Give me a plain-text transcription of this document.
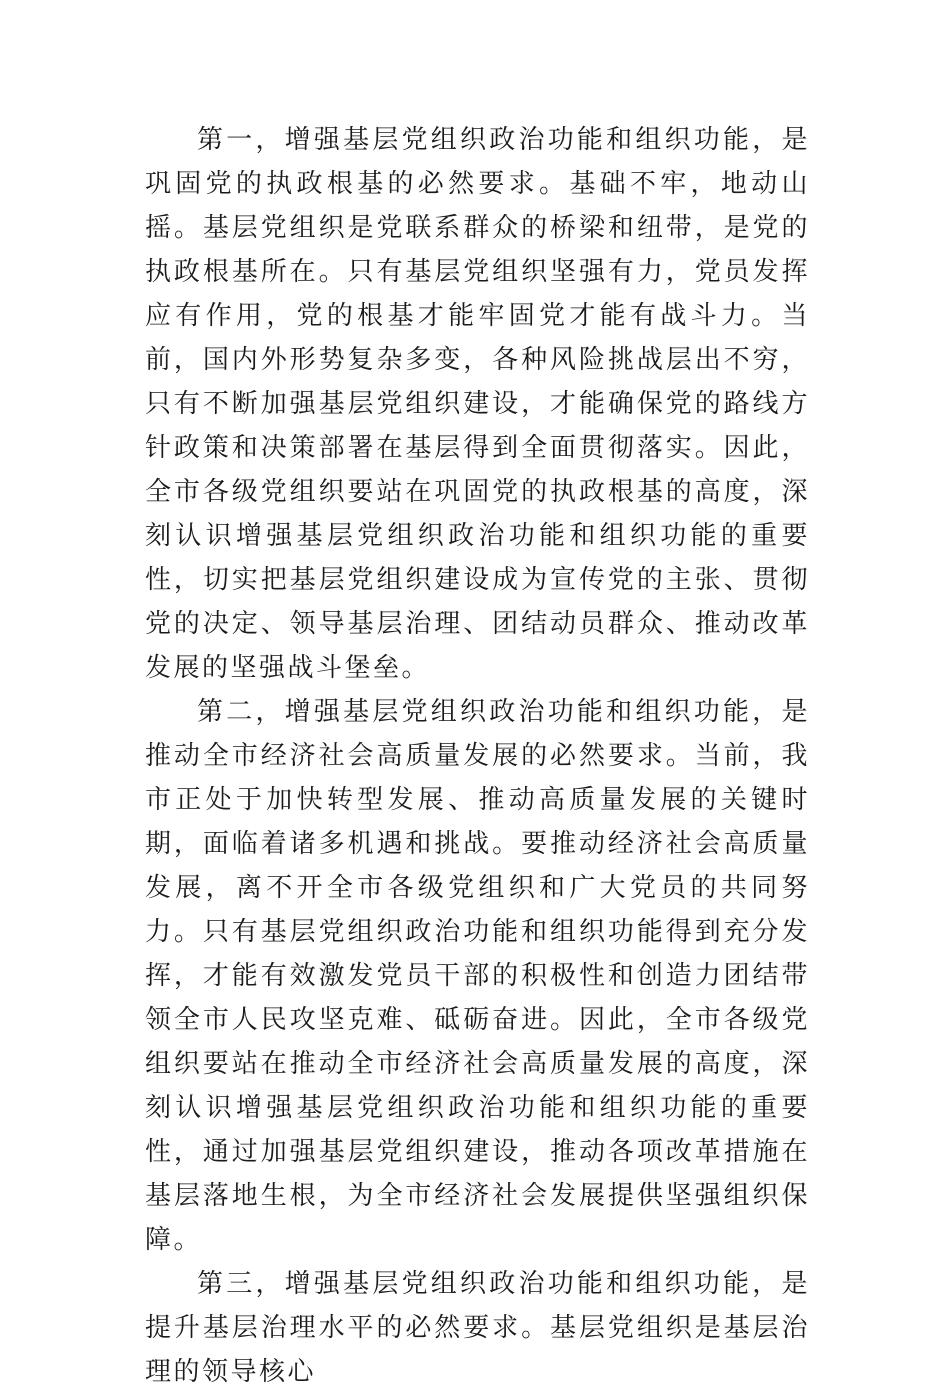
第一，增强基层党组织政治功能和组织功能，是巩固党的执政根基的必然要求。基础不牢，地动山摇。基层党组织是党联系群众的桥梁和纽带，是党的执政根基所在。只有基层党组织坚强有力，党员发挥应有作用，党的根基才能牢固党才能有战斗力。当前，国内外形势复杂多变，各种风险挑战层出不穷，只有不断加强基层党组织建设，才能确保党的路线方针政策和决策部署在基层得到全面贯彻落实。因此，全市各级党组织要站在巩固党的执政根基的高度，深刻认识增强基层党组织政治功能和组织功能的重要性，切实把基层党组织建设成为宣传党的主张、贯彻党的决定、领导基层治理、团结动员群众、推动改革发展的坚强战斗堡垒。

第二，增强基层党组织政治功能和组织功能，是推动全市经济社会高质量发展的必然要求。当前，我市正处于加快转型发展、推动高质量发展的关键时期，面临着诸多机遇和挑战。要推动经济社会高质量发展，离不开全市各级党组织和广大党员的共同努力。只有基层党组织政治功能和组织功能得到充分发挥，才能有效激发党员干部的积极性和创造力团结带领全市人民攻坚克难、砥砺奋进。因此，全市各级党组织要站在推动全市经济社会高质量发展的高度，深刻认识增强基层党组织政治功能和组织功能的重要性，通过加强基层党组织建设，推动各项改革措施在基层落地生根，为全市经济社会发展提供坚强组织保障。

第三，增强基层党组织政治功能和组织功能，是提升基层治理水平的必然要求。基层党组织是基层治理的领导核心
